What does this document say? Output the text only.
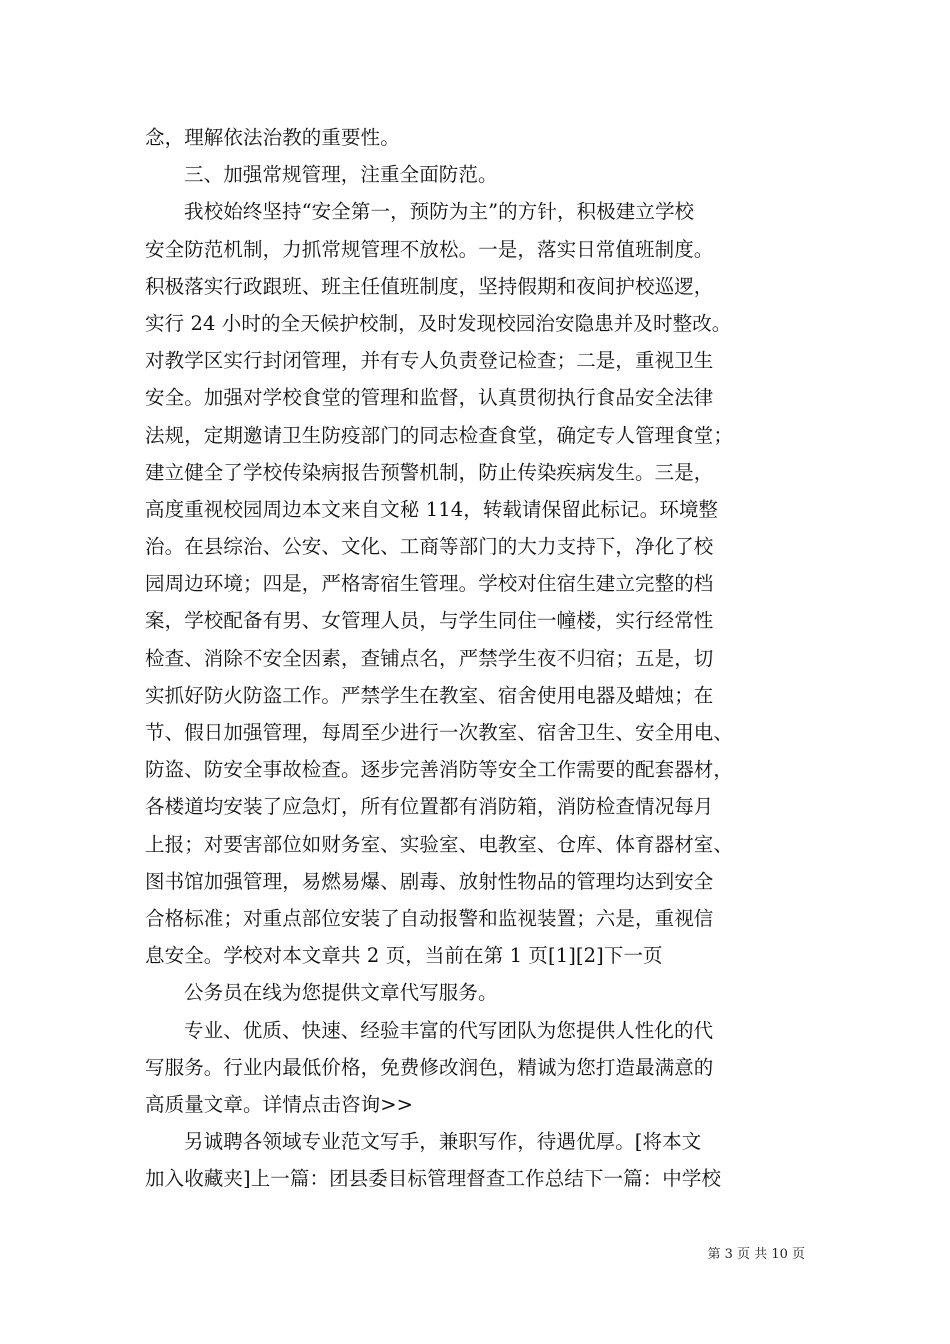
念，理解依法治教的重要性。
三、加强常规管理，注重全面防范。
我校始终坚持“安全第一，预防为主”的方针，积极建立学校
安全防范机制，力抓常规管理不放松。一是，落实日常值班制度。
积极落实行政跟班、班主任值班制度，坚持假期和夜间护校巡逻，
实行 24 小时的全天候护校制，及时发现校园治安隐患并及时整改。
对教学区实行封闭管理，并有专人负责登记检查；二是，重视卫生
安全。加强对学校食堂的管理和监督，认真贯彻执行食品安全法律
法规，定期邀请卫生防疫部门的同志检查食堂，确定专人管理食堂；
建立健全了学校传染病报告预警机制，防止传染疾病发生。三是，
高度重视校园周边本文来自文秘 114，转载请保留此标记。环境整
治。在县综治、公安、文化、工商等部门的大力支持下，净化了校
园周边环境；四是，严格寄宿生管理。学校对住宿生建立完整的档
案，学校配备有男、女管理人员，与学生同住一幢楼，实行经常性
检查、消除不安全因素，查铺点名，严禁学生夜不归宿；五是，切
实抓好防火防盗工作。严禁学生在教室、宿舍使用电器及蜡烛；在
节、假日加强管理，每周至少进行一次教室、宿舍卫生、安全用电、
防盗、防安全事故检查。逐步完善消防等安全工作需要的配套器材，
各楼道均安装了应急灯，所有位置都有消防箱，消防检查情况每月
上报；对要害部位如财务室、实验室、电教室、仓库、体育器材室、
图书馆加强管理，易燃易爆、剧毒、放射性物品的管理均达到安全
合格标准；对重点部位安装了自动报警和监视装置；六是，重视信
息安全。学校对本文章共 2 页，当前在第 1 页[1][2]下一页
公务员在线为您提供文章代写服务。
专业、优质、快速、经验丰富的代写团队为您提供人性化的代
写服务。行业内最低价格，免费修改润色，精诚为您打造最满意的
高质量文章。详情点击咨询>>
另诚聘各领域专业范文写手，兼职写作，待遇优厚。[将本文
加入收藏夹]上一篇：团县委目标管理督查工作总结下一篇：中学校
第 3 页 共 10 页
